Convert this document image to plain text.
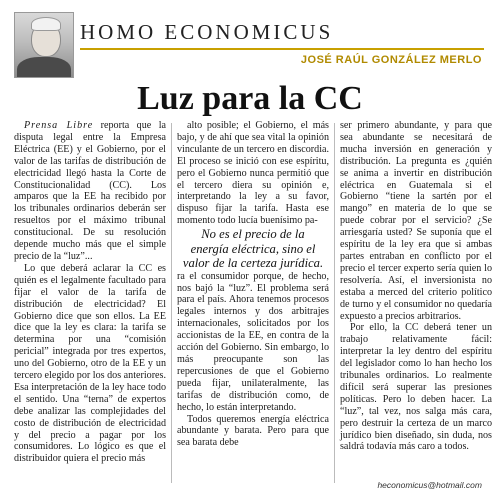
HOMO ECONOMICUS
JOSÉ RAÚL GONZÁLEZ MERLO
Luz para la CC

Prensa Libre reporta que la disputa legal entre la Empresa Eléctrica (EE) y el Gobierno, por el valor de las tarifas de distribución de electricidad llegó hasta la Corte de Constitucionalidad (CC). Los amparos que la EE ha recibido por los tribunales ordinarios deberán ser resueltos por el máximo tribunal constitucional. De su resolución depende mucho más que el simple precio de la “luz”...

Lo que deberá aclarar la CC es quién es el legalmente facultado para fijar el valor de la tarifa de distribución de electricidad? El Gobierno dice que son ellos. La EE dice que la ley es clara: la tarifa se determina por una “comisión pericial” integrada por tres expertos, uno del Gobierno, otro de la EE y un tercero elegido por los dos anteriores. Esa interpretación de la ley hace todo el sentido. Una “terna” de expertos debe analizar las complejidades del costo de distribución de electricidad y del precio a pagar por los consumidores. Lo lógico es que el distribuidor quiera el precio más

alto posible; el Gobierno, el más bajo, y de ahí que sea vital la opinión vinculante de un tercero en discordia. El proceso se inició con ese espíritu, pero el Gobierno nunca permitió que el tercero diera su opinión e, interpretando la ley a su favor, dispuso fijar la tarifa. Hasta ese momento todo lucía buenísimo pa-

No es el precio de la energía eléctrica, sino el valor de la certeza jurídica.

ra el consumidor porque, de hecho, nos bajó la “luz”. El problema será para el país. Ahora tenemos procesos legales internos y dos arbitrajes internacionales, solicitados por los accionistas de la EE, en contra de la acción del Gobierno. Sin embargo, lo más preocupante son las repercusiones de que el Gobierno pueda fijar, unilateralmente, las tarifas de distribución como, de hecho, lo están interpretando.

Todos queremos energía eléctrica abundante y barata. Pero para que sea barata debe

ser primero abundante, y para que sea abundante se necesitará de mucha inversión en generación y distribución. La pregunta es ¿quién se anima a invertir en distribución eléctrica en Guatemala si el Gobierno “tiene la sartén por el mango” en materia de lo que se puede cobrar por el servicio? ¿Se arriesgaría usted? Se suponía que el espíritu de la ley era que si ambas partes entraban en conflicto por el precio el tercer experto sería quien lo resolvería. Así, el inversionista no estaba a merced del criterio político de turno y el consumidor no quedaría expuesto a precios arbitrarios.

Por ello, la CC deberá tener un trabajo relativamente fácil: interpretar la ley dentro del espíritu del legislador como lo han hecho los tribunales ordinarios. Lo realmente difícil será superar las presiones políticas. Pero lo deben hacer. La “luz”, tal vez, nos salga más cara, pero destruir la certeza de un marco jurídico bien diseñado, sin duda, nos saldrá todavía más caro a todos.

heconomicus@hotmail.com
